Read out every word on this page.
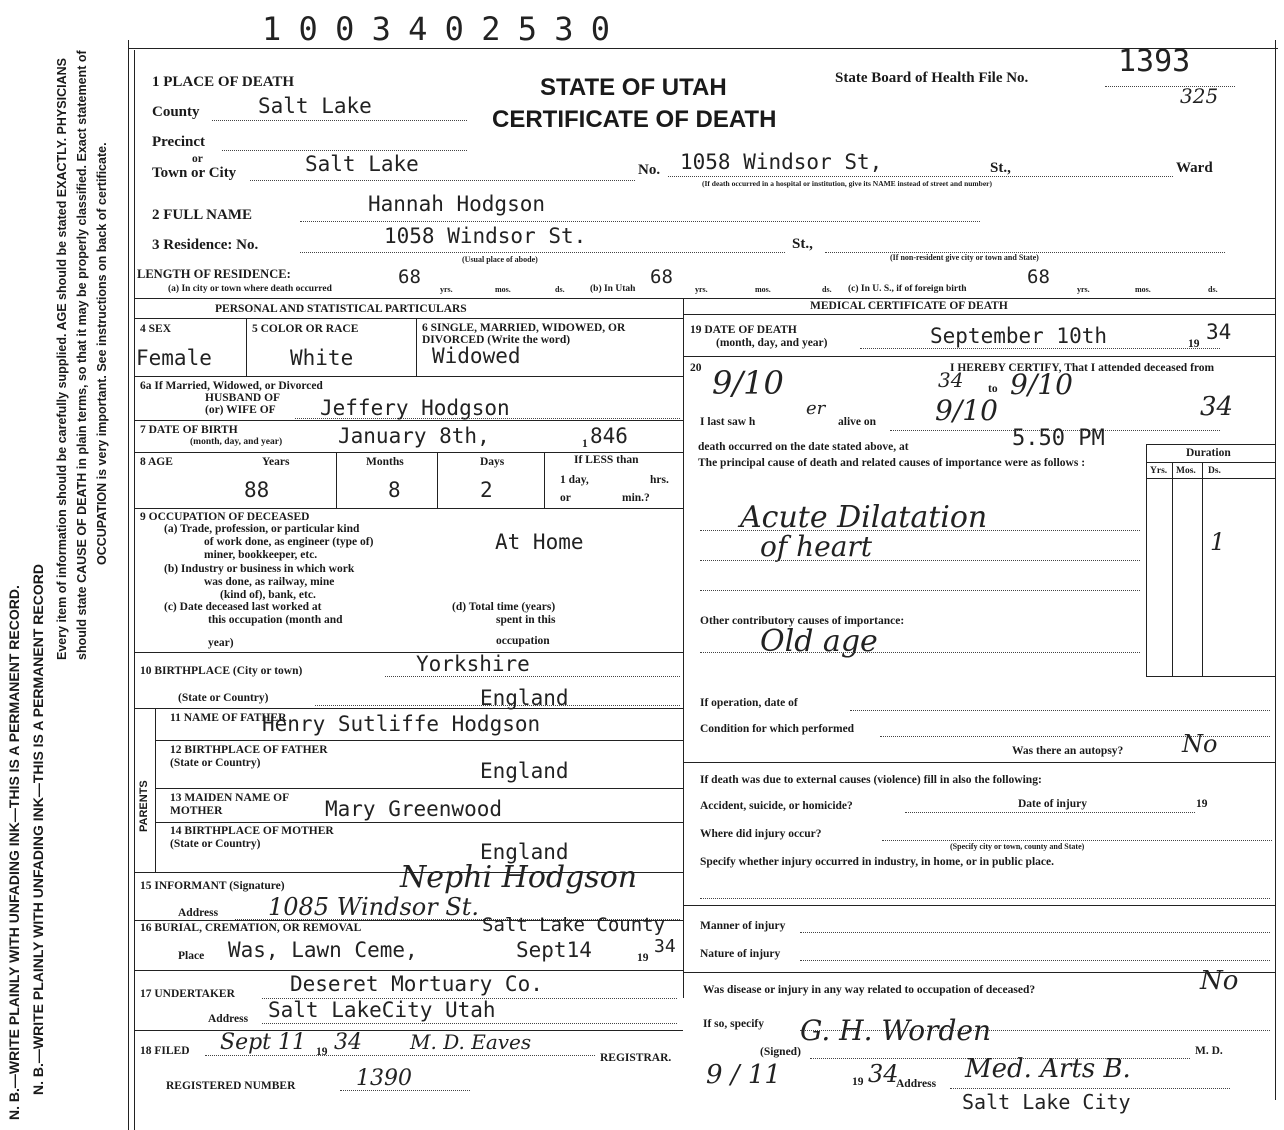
N. B.—WRITE PLAINLY WITH UNFADING INK—THIS IS A PERMANENT RECORD. N. B.—WRITE PLAINLY WITH UNFADING INK—THIS IS A PERMANENT RECORD
Every item of information should be carefully supplied. AGE should be stated EXACTLY. PHYSICIANS should state CAUSE OF DEATH in plain terms, so that it may be properly classified. Exact statement of OCCUPATION is very important. See instructions on back of certificate.
1 0 0 3 4 0 2 5 3 0
STATE OF UTAH
CERTIFICATE OF DEATH
State Board of Health File No.	1393
325
1 PLACE OF DEATH
County	Salt Lake
Precinct
or
Town or City	Salt Lake	No. 1058 Windsor St,	St.,	Ward
(If death occurred in a hospital or institution, give its NAME instead of street and number)
2 FULL NAME	Hannah Hodgson
3 Residence: No.	1058 Windsor St.	St.,
(Usual place of abode)	(If non-resident give city or town and State)
LENGTH OF RESIDENCE:
(a) In city or town where death occurred
68
yrs.	mos.	ds.	(b) In Utah
68
yrs.	mos.	ds. (c) In U. S., if of foreign birth
68
yrs.	mos.	ds.
PERSONAL AND STATISTICAL PARTICULARS	MEDICAL CERTIFICATE OF DEATH
4 SEX
Female
5 COLOR OR RACE
White
6 SINGLE, MARRIED, WIDOWED, OR DIVORCED (Write the word)
Widowed
6a If Married, Widowed, or Divorced
HUSBAND OF
(or) WIFE OF Jeffery Hodgson
7 DATE OF BIRTH
(month, day, and year)	January 8th,	1 846
8 AGE	Years
88
Months
8
Days
2
If LESS than
1 day,	hrs.
or	min.?
9 OCCUPATION OF DECEASED
(a) Trade, profession, or particular kind
of work done, as engineer (type of)
miner, bookkeeper, etc.
At Home
(b) Industry or business in which work
was done, as railway, mine
(kind of), bank, etc.
(c) Date deceased last worked at
this occupation (month and
year)
(d) Total time (years)
spent in this
occupation
10 BIRTHPLACE (City or town)	Yorkshire
(State or Country)	England
PARENTS
11 NAME OF FATHER
Henry Sutliffe Hodgson
12 BIRTHPLACE OF FATHER (State or Country)	England
13 MAIDEN NAME OF MOTHER	Mary Greenwood
14 BIRTHPLACE OF MOTHER (State or Country)	England
15 INFORMANT (Signature)	Nephi Hodgson
Address 1085 Windsor St.
16 BURIAL, CREMATION, OR REMOVAL	Salt Lake County
Place Was, Lawn Ceme,	Sept14	19
34
17 UNDERTAKER	Deseret Mortuary Co.
Address Salt LakeCity Utah
18 FILED Sept 11 19 34 M. D. Eaves
REGISTRAR.
REGISTERED NUMBER	1390
19 DATE OF DEATH
(month, day, and year)	September 10th	19 34
20	I HEREBY CERTIFY, That I attended deceased from
9/10	to 9/10
34
I last saw h
er
alive on 9/10	34
death occurred on the date stated above, at	5.50 PM
The principal cause of death and related causes of importance were as follows :
Duration
Yrs. Mos. Ds.
Acute Dilatation
of heart	1
Other contributory causes of importance:
Old age
If operation, date of
Condition for which performed
Was there an autopsy? No
If death was due to external causes (violence) fill in also the following:
Accident, suicide, or homicide?	Date of injury	19
Where did injury occur?
(Specify city or town, county and State)
Specify whether injury occurred in industry, in home, or in public place.
Manner of injury
Nature of injury
Was disease or injury in any way related to occupation of deceased?	No
If so, specify
(Signed)
G. H. Worden
M. D.
9 / 11	19 34
Address Med. Arts B.
Salt Lake City
